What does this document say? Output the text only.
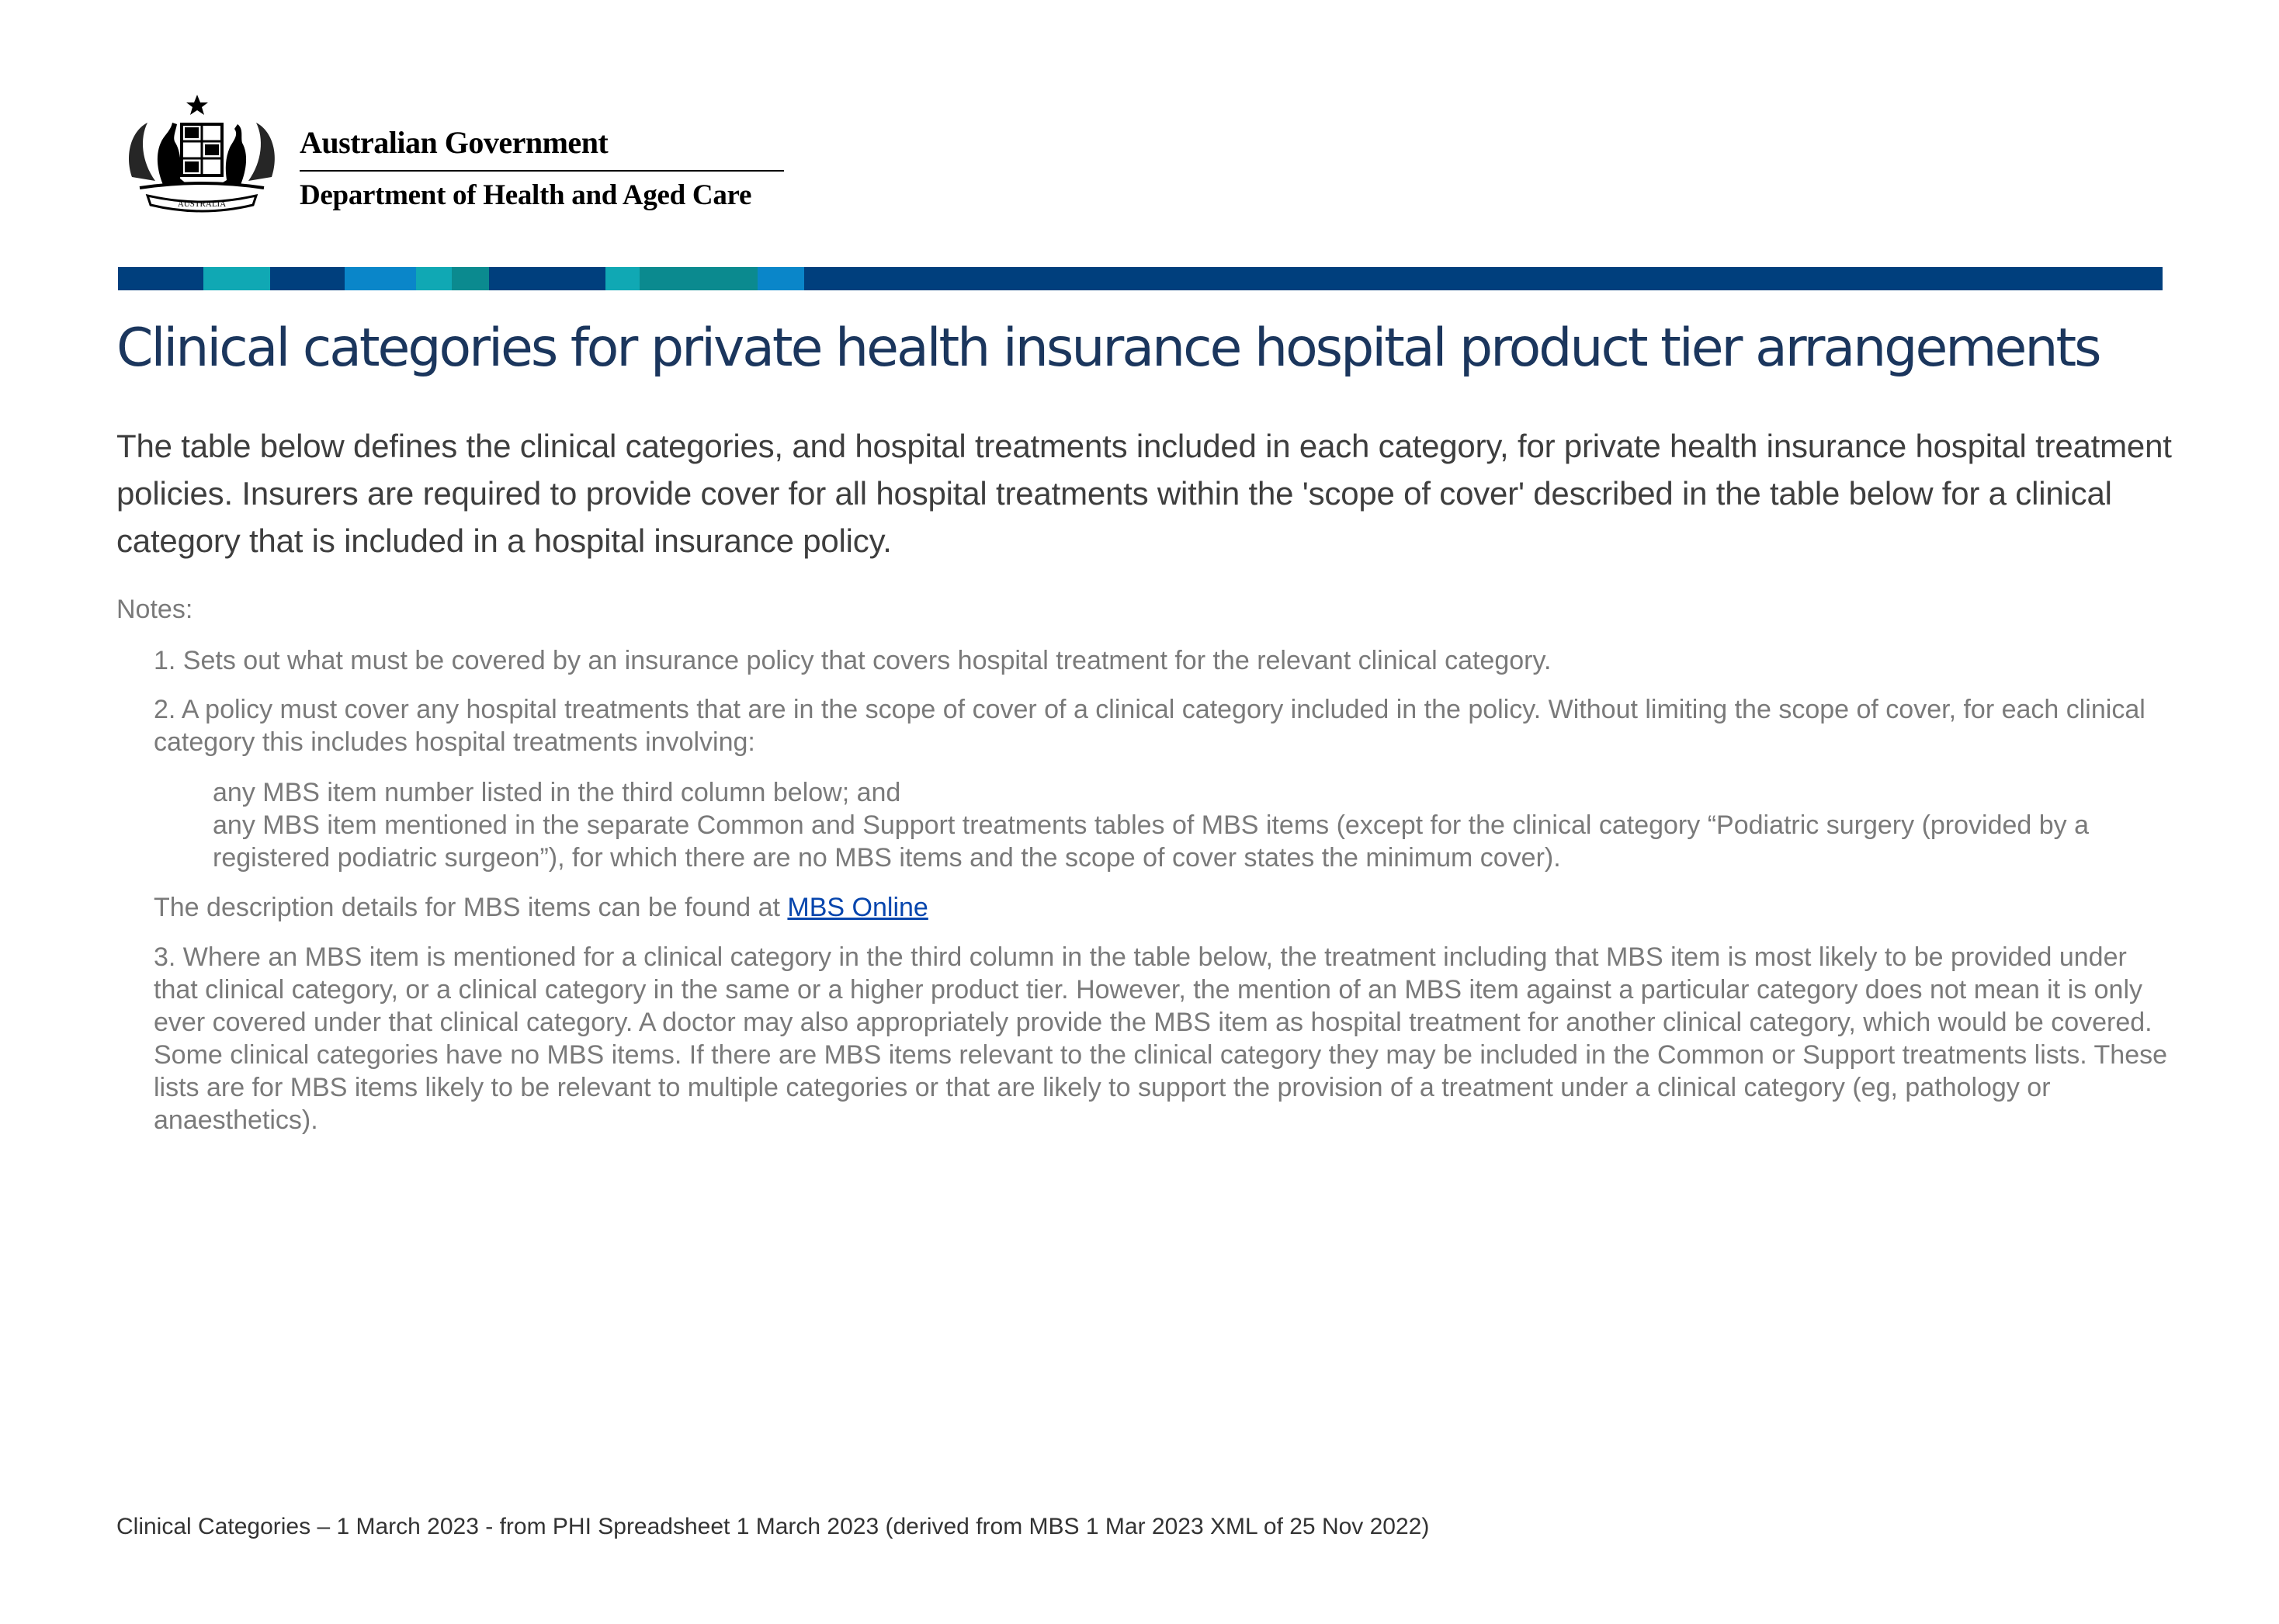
AUSTRALIA
Australian Government
Department of Health and Aged Care
Clinical categories for private health insurance hospital product tier arrangements
The table below defines the clinical categories, and hospital treatments included in each category, for private health insurance hospital treatment policies. Insurers are required to provide cover for all hospital treatments within the 'scope of cover' described in the table below for a clinical category that is included in a hospital insurance policy.
Notes:
1. Sets out what must be covered by an insurance policy that covers hospital treatment for the relevant clinical category.
2. A policy must cover any hospital treatments that are in the scope of cover of a clinical category included in the policy. Without limiting the scope of cover, for each clinical category this includes hospital treatments involving:
any MBS item number listed in the third column below; and
any MBS item mentioned in the separate Common and Support treatments tables of MBS items (except for the clinical category “Podiatric surgery (provided by a registered podiatric surgeon”), for which there are no MBS items and the scope of cover states the minimum cover).
The description details for MBS items can be found at MBS Online
3. Where an MBS item is mentioned for a clinical category in the third column in the table below, the treatment including that MBS item is most likely to be provided under that clinical category, or a clinical category in the same or a higher product tier. However, the mention of an MBS item against a particular category does not mean it is only ever covered under that clinical category. A doctor may also appropriately provide the MBS item as hospital treatment for another clinical category, which would be covered. Some clinical categories have no MBS items. If there are MBS items relevant to the clinical category they may be included in the Common or Support treatments lists. These lists are for MBS items likely to be relevant to multiple categories or that are likely to support the provision of a treatment under a clinical category (eg, pathology or anaesthetics).
Clinical Categories – 1 March 2023 - from PHI Spreadsheet 1 March 2023 (derived from MBS 1 Mar 2023 XML of 25 Nov 2022)
